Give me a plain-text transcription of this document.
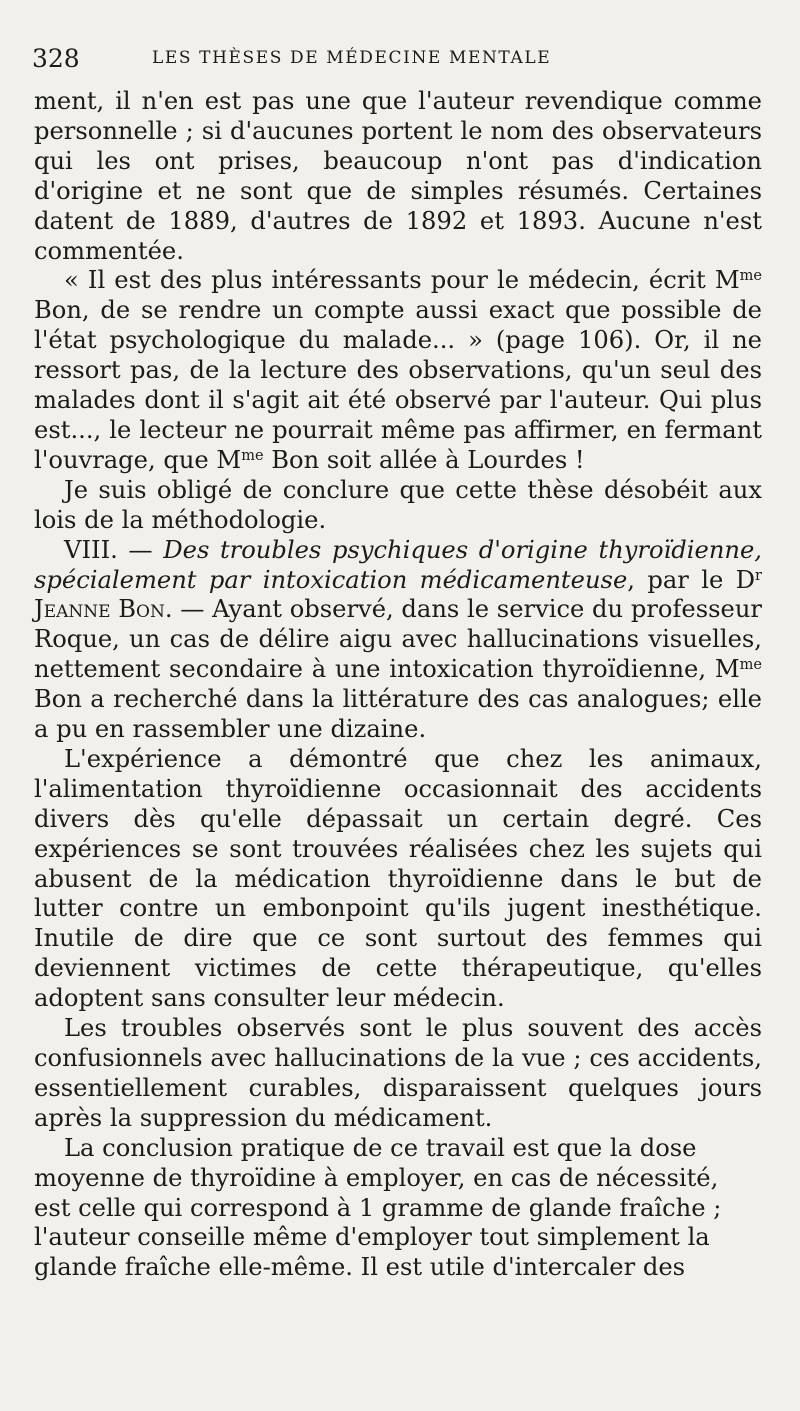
328	LES THÈSES DE MÉDECINE MENTALE

ment, il n'en est pas une que l'auteur revendique comme personnelle ; si d'aucunes portent le nom des observateurs qui les ont prises, beaucoup n'ont pas d'indication d'origine et ne sont que de simples résumés. Certaines datent de 1889, d'autres de 1892 et 1893. Aucune n'est commentée.

« Il est des plus intéressants pour le médecin, écrit $M^{me}$ Bon, de se rendre un compte aussi exact que possible de l'état psychologique du malade... » (page 106). Or, il ne ressort pas, de la lecture des observations, qu'un seul des malades dont il s'agit ait été observé par l'auteur. Qui plus est..., le lecteur ne pourrait même pas affirmer, en fermant l'ouvrage, que $M^{me}$ Bon soit allée à Lourdes !

Je suis obligé de conclure que cette thèse désobéit aux lois de la méthodologie.

VIII. — Des troubles psychiques d'origine thyroïdienne, spécialement par intoxication médicamenteuse, par le $D^r$ Jeanne Bon. — Ayant observé, dans le service du professeur Roque, un cas de délire aigu avec hallucinations visuelles, nettement secondaire à une intoxication thyroïdienne, $M^{me}$ Bon a recherché dans la littérature des cas analogues; elle a pu en rassembler une dizaine.

L'expérience a démontré que chez les animaux, l'alimentation thyroïdienne occasionnait des accidents divers dès qu'elle dépassait un certain degré. Ces expériences se sont trouvées réalisées chez les sujets qui abusent de la médication thyroïdienne dans le but de lutter contre un embonpoint qu'ils jugent inesthétique. Inutile de dire que ce sont surtout des femmes qui deviennent victimes de cette thérapeutique, qu'elles adoptent sans consulter leur médecin.

Les troubles observés sont le plus souvent des accès confusionnels avec hallucinations de la vue ; ces accidents, essentiellement curables, disparaissent quelques jours après la suppression du médicament.

La conclusion pratique de ce travail est que la dose moyenne de thyroïdine à employer, en cas de nécessité, est celle qui correspond à 1 gramme de glande fraîche ; l'auteur conseille même d'employer tout simplement la glande fraîche elle-même. Il est utile d'intercaler des
